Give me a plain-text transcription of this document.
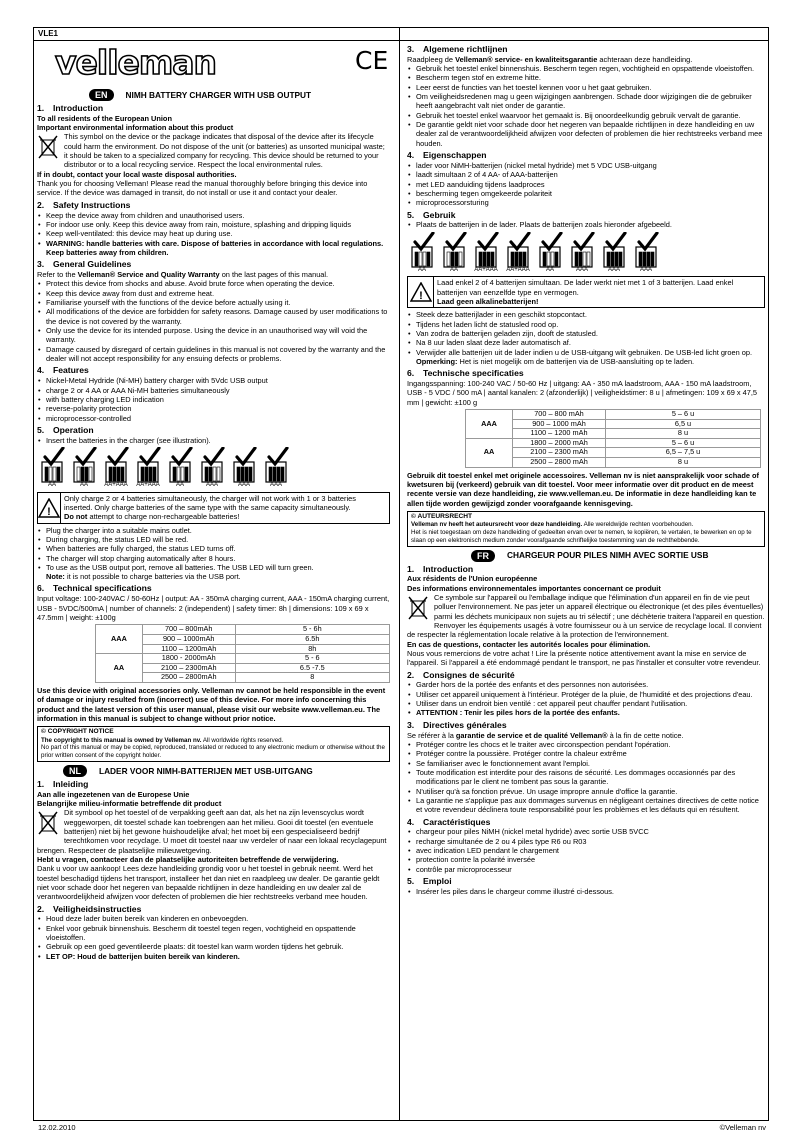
VLE1
12.02.2010	©Velleman nv
velleman	CE
EN	NIMH BATTERY CHARGER WITH USB OUTPUT

1. Introduction

To all residents of the European Union

Important environmental information about this product

This symbol on the device or the package indicates that disposal of the device after its lifecycle could harm the environment. Do not dispose of the unit (or batteries) as unsorted municipal waste; it should be taken to a specialized company for recycling. This device should be returned to your distributor or to a local recycling service. Respect the local environmental rules.

If in doubt, contact your local waste disposal authorities.

Thank you for choosing Velleman! Please read the manual thoroughly before bringing this device into service. If the device was damaged in transit, do not install or use it and contact your dealer.

2. Safety Instructions

• Keep the device away from children and unauthorised users.
• For indoor use only. Keep this device away from rain, moisture, splashing and dripping liquids
• Keep well-ventilated: this device may heat up during use.
• WARNING: handle batteries with care. Dispose of batteries in accordance with local regulations. Keep batteries away from children.

3. General Guidelines

Refer to the Velleman® Service and Quality Warranty on the last pages of this manual.

• Protect this device from shocks and abuse. Avoid brute force when operating the device.
• Keep this device away from dust and extreme heat.
• Familiarise yourself with the functions of the device before actually using it.
• All modifications of the device are forbidden for safety reasons. Damage caused by user modifications to the device is not covered by the warranty.
• Only use the device for its intended purpose. Using the device in an unauthorised way will void the warranty.
• Damage caused by disregard of certain guidelines in this manual is not covered by the warranty and the dealer will not accept responsibility for any ensuing defects or problems.

4. Features

• Nickel-Metal Hydride (Ni-MH) battery charger with 5Vdc USB output
• charge 2 or 4 AA or AAA Ni-MH batteries simultaneously
• with battery charging LED indication
• reverse-polarity protection
• microprocessor-controlled

5. Operation

• Insert the batteries in the charger (see illustration).
AA	AA	AA+AAA AA+AAA	AA	AAA	AAA	AAA
!

Only charge 2 or 4 batteries simultaneously, the charger will not work with 1 or 3 batteries inserted. Only charge batteries of the same type with the same capacity simultaneously.

Do not attempt to charge non-rechargeable batteries!

• Plug the charger into a suitable mains outlet.
• During charging, the status LED will be red.
• When batteries are fully charged, the status LED turns off.
• The charger will stop charging automatically after 8 hours.
• To use as the USB output port, remove all batteries. The USB LED will turn green.

Note: it is not possible to charge batteries via the USB port.

6. Technical specifications

Input voltage: 100-240VAC / 50-60Hz | output: AA - 350mA charging current, AAA - 150mA charging current, USB - 5VDC/500mA | number of channels: 2 (independent) | safety timer: 8h | dimensions: 109 x 69 x 47.5mm | weight: ±100g

AAA	700 – 800mAh	5 - 6h
	900 – 1000mAh	6.5h
	1100 – 1200mAh	8h
AA	1800 - 2000mAh	5 - 6
	2100 – 2300mAh	6.5 -7.5
	2500 – 2800mAh	8

Use this device with original accessories only. Velleman nv cannot be held responsible in the event of damage or injury resulted from (incorrect) use of this device. For more info concerning this product and the latest version of this user manual, please visit our website www.velleman.eu. The information in this manual is subject to change without prior notice.

© COPYRIGHT NOTICE

The copyright to this manual is owned by Velleman nv. All worldwide rights reserved.

No part of this manual or may be copied, reproduced, translated or reduced to any electronic medium or otherwise without the prior written consent of the copyright holder.

NL	LADER VOOR NIMH-BATTERIJEN MET USB-UITGANG

1. Inleiding

Aan alle ingezetenen van de Europese Unie

Belangrijke milieu-informatie betreffende dit product

Dit symbool op het toestel of de verpakking geeft aan dat, als het na zijn levenscyclus wordt weggeworpen, dit toestel schade kan toebrengen aan het milieu. Gooi dit toestel (en eventuele batterijen) niet bij het gewone huishoudelijke afval; het moet bij een gespecialiseerd bedrijf terechtkomen voor recyclage. U moet dit toestel naar uw verdeler of naar een lokaal recyclagepunt brengen. Respecteer de plaatselijke milieuwetgeving.

Hebt u vragen, contacteer dan de plaatselijke autoriteiten betreffende de verwijdering.

Dank u voor uw aankoop! Lees deze handleiding grondig voor u het toestel in gebruik neemt. Werd het toestel beschadigd tijdens het transport, installeer het dan niet en raadpleeg uw dealer. De garantie geldt niet voor schade door het negeren van bepaalde richtlijnen in deze handleiding en uw dealer zal de verantwoordelijkheid afwijzen voor defecten of problemen die hier rechtstreeks verband mee houden.

2. Veiligheidsinstructies

• Houd deze lader buiten bereik van kinderen en onbevoegden.
• Enkel voor gebruik binnenshuis. Bescherm dit toestel tegen regen, vochtigheid en opspattende vloeistoffen.
• Gebruik op een goed geventileerde plaats: dit toestel kan warm worden tijdens het gebruik.
• LET OP: Houd de batterijen buiten bereik van kinderen.

3. Algemene richtlijnen

Raadpleeg de Velleman® service- en kwaliteitsgarantie achteraan deze handleiding.

• Gebruik het toestel enkel binnenshuis. Bescherm tegen regen, vochtigheid en opspattende vloeistoffen.
• Bescherm tegen stof en extreme hitte.
• Leer eerst de functies van het toestel kennen voor u het gaat gebruiken.
• Om veiligheidsredenen mag u geen wijzigingen aanbrengen. Schade door wijzigingen die de gebruiker heeft aangebracht valt niet onder de garantie.
• Gebruik het toestel enkel waarvoor het gemaakt is. Bij onoordeelkundig gebruik vervalt de garantie.
• De garantie geldt niet voor schade door het negeren van bepaalde richtlijnen in deze handleiding en uw dealer zal de verantwoordelijkheid afwijzen voor defecten of problemen die hier rechtstreeks verband mee houden.

4. Eigenschappen

• lader voor NiMH-batterijen (nickel metal hydride) met 5 VDC USB-uitgang
• laadt simultaan 2 of 4 AA- of AAA-batterijen
• met LED aanduiding tijdens laadproces
• bescherming tegen omgekeerde polariteit
• microprocessorsturing

5. Gebruik

• Plaats de batterijen in de lader. Plaats de batterijen zoals hieronder afgebeeld.
AA	AA	AA+AAA AA+AAA	AA	AAA	AAA	AAA
!

Laad enkel 2 of 4 batterijen simultaan. De lader werkt niet met 1 of 3 batterijen. Laad enkel batterijen van eenzelfde type en vermogen.

Laad geen alkalinebatterijen!

• Steek deze batterijlader in een geschikt stopcontact.
• Tijdens het laden licht de statusled rood op.
• Van zodra de batterijen geladen zijn, dooft de statusled.
• Na 8 uur laden slaat deze lader automatisch af.
• Verwijder alle batterijen uit de lader indien u de USB-uitgang wilt gebruiken. De USB-led licht groen op.

Opmerking: Het is niet mogelijk om de batterijen via de USB-aansluiting op te laden.

6. Technische specificaties

Ingangsspanning: 100-240 VAC / 50-60 Hz | uitgang: AA - 350 mA laadstroom, AAA - 150 mA laadstroom, USB - 5 VDC / 500 mA | aantal kanalen: 2 (afzonderlijk) | veiligheidstimer: 8 u | afmetingen: 109 x 69 x 47,5 mm | gewicht: ±100 g

AAA	700 – 800 mAh	5 – 6 u
	900 – 1000 mAh	6,5 u
	1100 – 1200 mAh	8 u
AA	1800 – 2000 mAh	5 – 6 u
	2100 – 2300 mAh	6,5 – 7,5 u
	2500 – 2800 mAh	8 u

Gebruik dit toestel enkel met originele accessoires. Velleman nv is niet aansprakelijk voor schade of kwetsuren bij (verkeerd) gebruik van dit toestel. Voor meer informatie over dit product en de meest recente versie van deze handleiding, zie www.velleman.eu. De informatie in deze handleiding kan te allen tijde worden gewijzigd zonder voorafgaande kennisgeving.

© AUTEURSRECHT

Velleman nv heeft het auteursrecht voor deze handleiding. Alle wereldwijde rechten voorbehouden.

Het is niet toegestaan om deze handleiding of gedeelten ervan over te nemen, te kopiëren, te vertalen, te bewerken en op te slaan op een elektronisch medium zonder voorafgaande schriftelijke toestemming van de rechthebbende.

FR	CHARGEUR POUR PILES NIMH AVEC SORTIE USB

1. Introduction

Aux résidents de l'Union européenne

Des informations environnementales importantes concernant ce produit

Ce symbole sur l'appareil ou l'emballage indique que l'élimination d'un appareil en fin de vie peut polluer l'environnement. Ne pas jeter un appareil électrique ou électronique (et des piles éventuelles) parmi les déchets municipaux non sujets au tri sélectif ; une déchèterie traitera l'appareil en question. Renvoyer les équipements usagés à votre fournisseur ou à un service de recyclage local. Il convient de respecter la réglementation locale relative à la protection de l'environnement.

En cas de questions, contacter les autorités locales pour élimination.

Nous vous remercions de votre achat ! Lire la présente notice attentivement avant la mise en service de l'appareil. Si l'appareil a été endommagé pendant le transport, ne pas l'installer et consulter votre revendeur.

2. Consignes de sécurité

• Garder hors de la portée des enfants et des personnes non autorisées.
• Utiliser cet appareil uniquement à l'intérieur. Protéger de la pluie, de l'humidité et des projections d'eau.
• Utiliser dans un endroit bien ventilé : cet appareil peut chauffer pendant l'utilisation.
• ATTENTION : Tenir les piles hors de la portée des enfants.

3. Directives générales

Se référer à la garantie de service et de qualité Velleman® à la fin de cette notice.

• Protéger contre les chocs et le traiter avec circonspection pendant l'opération.
• Protéger contre la poussière. Protéger contre la chaleur extrême
• Se familiariser avec le fonctionnement avant l'emploi.
• Toute modification est interdite pour des raisons de sécurité. Les dommages occasionnés par des modifications par le client ne tombent pas sous la garantie.
• N'utiliser qu'à sa fonction prévue. Un usage impropre annule d'office la garantie.
• La garantie ne s'applique pas aux dommages survenus en négligeant certaines directives de cette notice et votre revendeur déclinera toute responsabilité pour les problèmes et les défauts qui en résultent.

4. Caractéristiques

• chargeur pour piles NiMH (nickel metal hydride) avec sortie USB 5VCC
• recharge simultanée de 2 ou 4 piles type R6 ou R03
• avec indication LED pendant le chargement
• protection contre la polarité inversée
• contrôle par microprocesseur

5. Emploi

• Insérer les piles dans le chargeur comme illustré ci-dessous.
